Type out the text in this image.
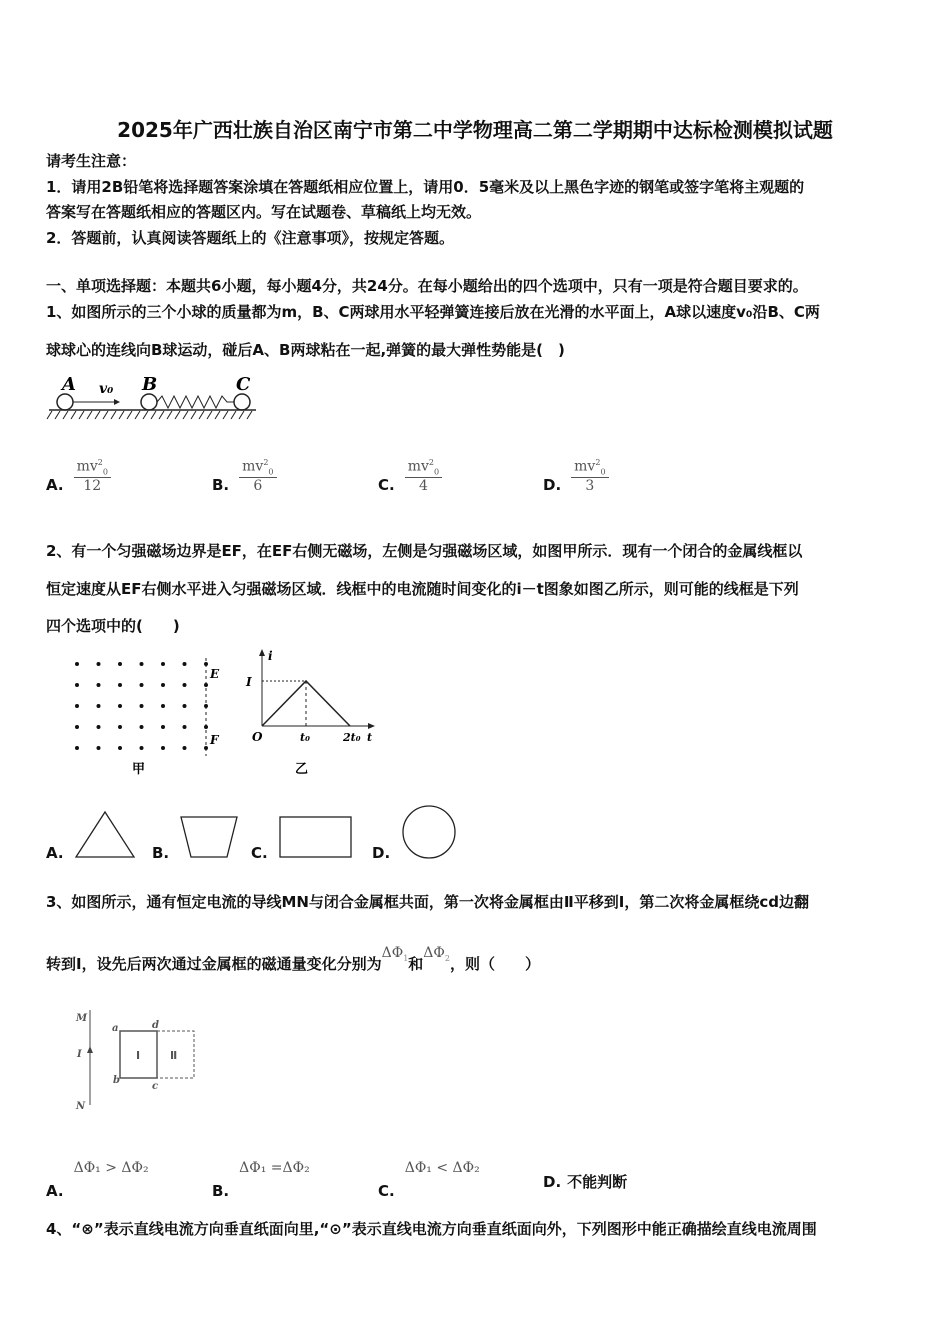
2025年广西壮族自治区南宁市第二中学物理高二第二学期期中达标检测模拟试题
请考生注意：
1．请用2B铅笔将选择题答案涂填在答题纸相应位置上，请用0．5毫米及以上黑色字迹的钢笔或签字笔将主观题的
答案写在答题纸相应的答题区内。写在试题卷、草稿纸上均无效。
2．答题前，认真阅读答题纸上的《注意事项》，按规定答题。
一、单项选择题：本题共6小题，每小题4分，共24分。在每小题给出的四个选项中，只有一项是符合题目要求的。
1、如图所示的三个小球的质量都为m，B、C两球用水平轻弹簧连接后放在光滑的水平面上，A球以速度v₀沿B、C两
球球心的连线向B球运动，碰后A、B两球粘在一起,弹簧的最大弹性势能是(　)
A v₀ B	C
A. $\frac{mv^2_0}{12}$	B. $\frac{mv^2_0}{6}$	C. $\frac{mv^2_0}{4}$	D. $\frac{mv^2_0}{3}$
2、有一个匀强磁场边界是EF，在EF右侧无磁场，左侧是匀强磁场区域，如图甲所示．现有一个闭合的金属线框以
恒定速度从EF右侧水平进入匀强磁场区域．线框中的电流随时间变化的i－t图象如图乙所示，则可能的线框是下列
四个选项中的(　　)
E
F
甲
i
I
O	t₀	2t₀ t
乙
A.	B.	C.	D.
3、如图所示，通有恒定电流的导线MN与闭合金属框共面，第一次将金属框由Ⅱ平移到Ⅰ，第二次将金属框绕cd边翻
转到Ⅰ，设先后两次通过金属框的磁通量变化分别为$\Delta\Phi_1$和$\Delta\Phi_2$，则（　　）
M
N
I
a
b
c
d
Ⅰ	Ⅱ
A.
ΔΦ₁ > ΔΦ₂
B.
ΔΦ₁ =ΔΦ₂
C.
ΔΦ₁ < ΔΦ₂
D. 不能判断
4、“⊗”表示直线电流方向垂直纸面向里,“⊙”表示直线电流方向垂直纸面向外，下列图形中能正确描绘直线电流周围
